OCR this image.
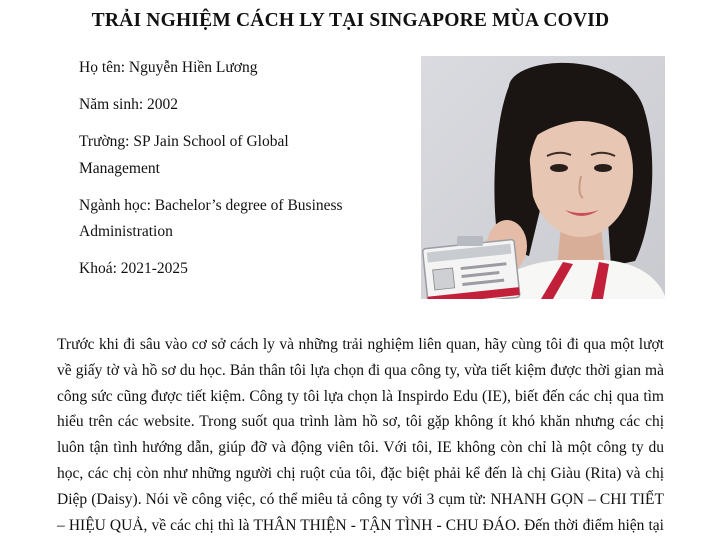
TRẢI NGHIỆM CÁCH LY TẠI SINGAPORE MÙA COVID
Họ tên: Nguyễn Hiền Lương
Năm sinh: 2002
Trường: SP Jain School of Global
Management
Ngành học: Bachelor’s degree of Business
Administration
Khoá: 2021-2025
Trước khi đi sâu vào cơ sở cách ly và những trải nghiệm liên quan, hãy cùng tôi đi qua một lượt
về giấy tờ và hồ sơ du học. Bản thân tôi lựa chọn đi qua công ty, vừa tiết kiệm được thời gian mà
công sức cũng được tiết kiệm. Công ty tôi lựa chọn là Inspirdo Edu (IE), biết đến các chị qua tìm
hiểu trên các website. Trong suốt qua trình làm hồ sơ, tôi gặp không ít khó khăn nhưng các chị
luôn tận tình hướng dẫn, giúp đỡ và động viên tôi. Với tôi, IE không còn chỉ là một công ty du
học, các chị còn như những người chị ruột của tôi, đặc biệt phải kể đến là chị Giàu (Rita) và chị
Diệp (Daisy). Nói về công việc, có thể miêu tả công ty với 3 cụm từ: NHANH GỌN – CHI TIẾT
– HIỆU QUẢ, về các chị thì là THÂN THIỆN - TẬN TÌNH - CHU ĐÁO. Đến thời điểm hiện tại
